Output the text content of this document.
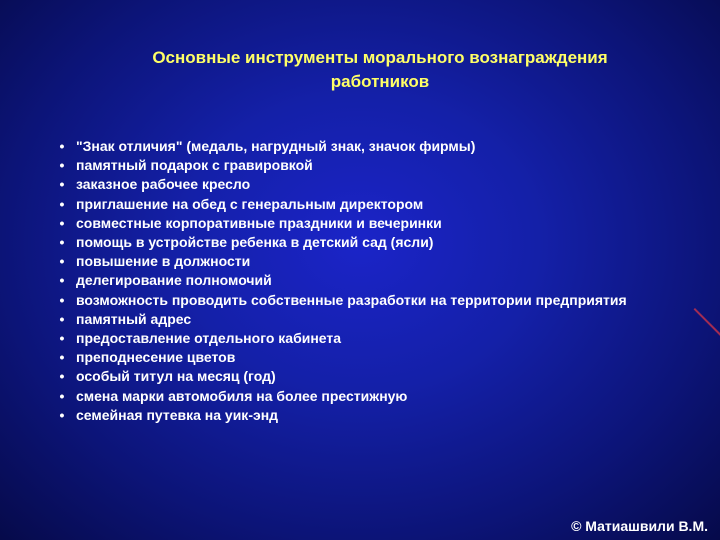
Основные инструменты морального вознаграждения
работников
• "Знак отличия" (медаль, нагрудный знак, значок фирмы)
• памятный подарок с гравировкой
• заказное рабочее кресло
• приглашение на обед с генеральным директором
• совместные корпоративные праздники и вечеринки
• помощь в устройстве ребенка в детский сад (ясли)
• повышение в должности
• делегирование полномочий
• возможность проводить собственные разработки на территории предприятия
• памятный адрес
• предоставление отдельного кабинета
• преподнесение цветов
• особый титул на месяц (год)
• смена марки автомобиля на более престижную
• семейная путевка на уик-энд
© Матиашвили В.М.
